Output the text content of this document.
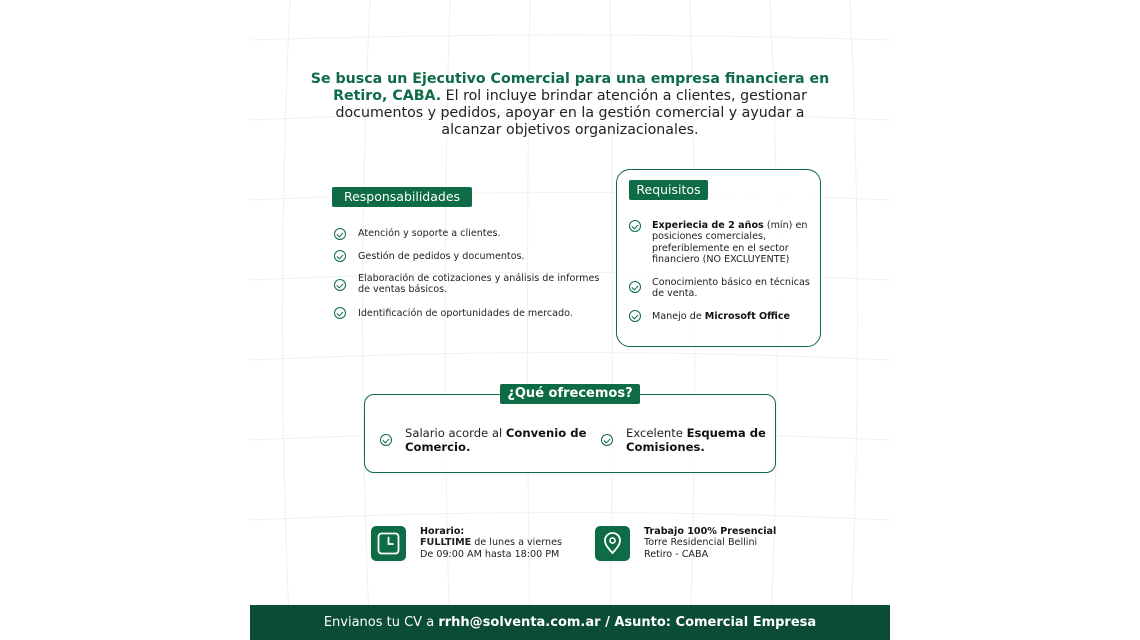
Se busca un Ejecutivo Comercial para una empresa financiera en Retiro, CABA. El rol incluye brindar atención a clientes, gestionar documentos y pedidos, apoyar en la gestión comercial y ayudar a alcanzar objetivos organizacionales.

Responsabilidades
Atención y soporte a clientes.
Gestión de pedidos y documentos.
Elaboración de cotizaciones y análisis de informes de ventas básicos.
Identificación de oportunidades de mercado.
Requisitos
Experiecia de 2 años (mín) en posiciones comerciales, preferiblemente en el sector financiero (NO EXCLUYENTE)
Conocimiento básico en técnicas de venta.
Manejo de Microsoft Office
¿Qué ofrecemos?
Salario acorde al Convenio de Comercio.
Excelente Esquema de Comisiones.
Horario:
FULLTIME de lunes a viernes
De 09:00 AM hasta 18:00 PM
Trabajo 100% Presencial
Torre Residencial Bellini
Retiro - CABA
Envianos tu CV a rrhh@solventa.com.ar / Asunto: Comercial Empresa
